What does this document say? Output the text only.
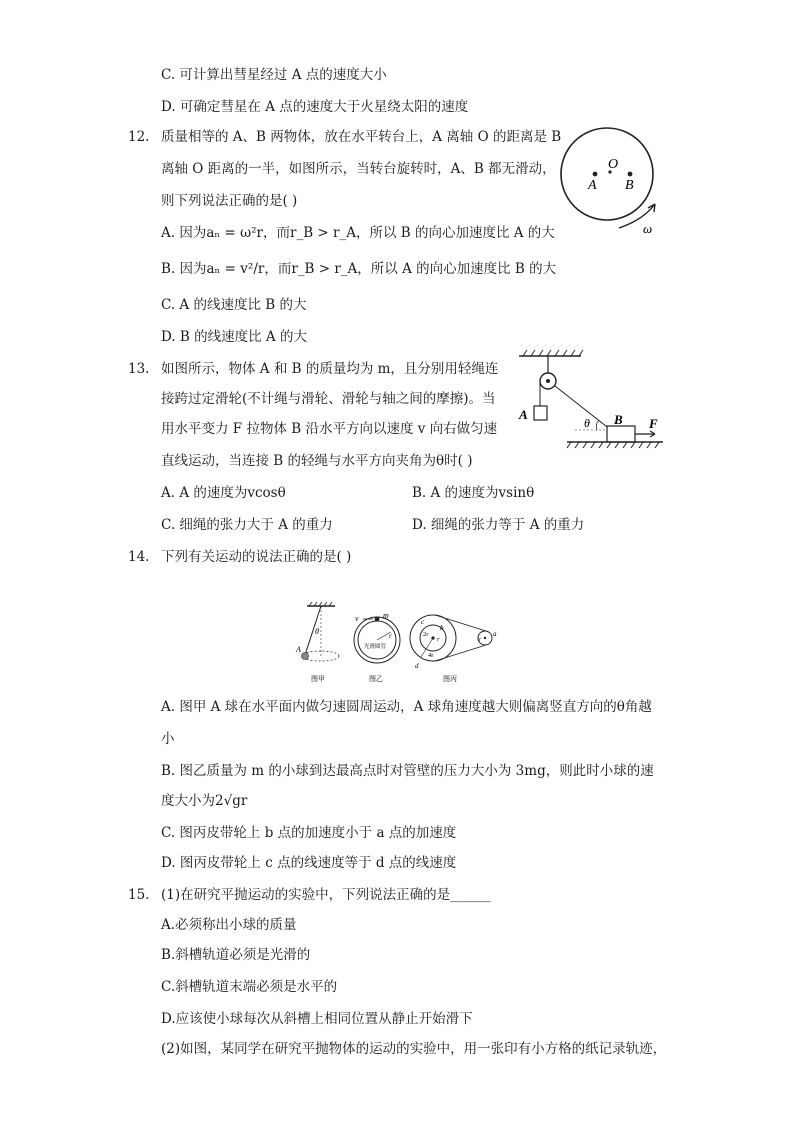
C. 可计算出彗星经过 A 点的速度大小
D. 可确定彗星在 A 点的速度大于火星绕太阳的速度
12. 质量相等的 A、B 两物体，放在水平转台上，A 离轴 O 的距离是 B
离轴 O 距离的一半，如图所示，当转台旋转时，A、B 都无滑动，
则下列说法正确的是( )
A. 因为aₙ = ω²r，而r_B > r_A，所以 B 的向心加速度比 A 的大
B. 因为aₙ = v²/r，而r_B > r_A，所以 A 的向心加速度比 B 的大
C. A 的线速度比 B 的大
D. B 的线速度比 A 的大
O
A B
ω
13. 如图所示，物体 A 和 B 的质量均为 m，且分别用轻绳连
接跨过定滑轮(不计绳与滑轮、滑轮与轴之间的摩擦)。当
用水平变力 F 拉物体 B 沿水平方向以速度 v 向右做匀速
直线运动，当连接 B 的轻绳与水平方向夹角为θ时( )
A. A 的速度为vcosθ	B. A 的速度为vsinθ
C. 细绳的张力大于 A 的重力	D. 细绳的张力等于 A 的重力
A	B
θ	F
14. 下列有关运动的说法正确的是( )
θ
A
图甲
v	m
r
光滑圆管
图乙
c
b
a
d
2r
r
4r
r
图丙
A. 图甲 A 球在水平面内做匀速圆周运动，A 球角速度越大则偏离竖直方向的θ角越
小
B. 图乙质量为 m 的小球到达最高点时对管壁的压力大小为 3mg，则此时小球的速
度大小为2√gr
C. 图丙皮带轮上 b 点的加速度小于 a 点的加速度
D. 图丙皮带轮上 c 点的线速度等于 d 点的线速度
15. (1)在研究平抛运动的实验中，下列说法正确的是______
A.必须称出小球的质量
B.斜槽轨道必须是光滑的
C.斜槽轨道末端必须是水平的
D.应该使小球每次从斜槽上相同位置从静止开始滑下
(2)如图，某同学在研究平抛物体的运动的实验中，用一张印有小方格的纸记录轨迹，
